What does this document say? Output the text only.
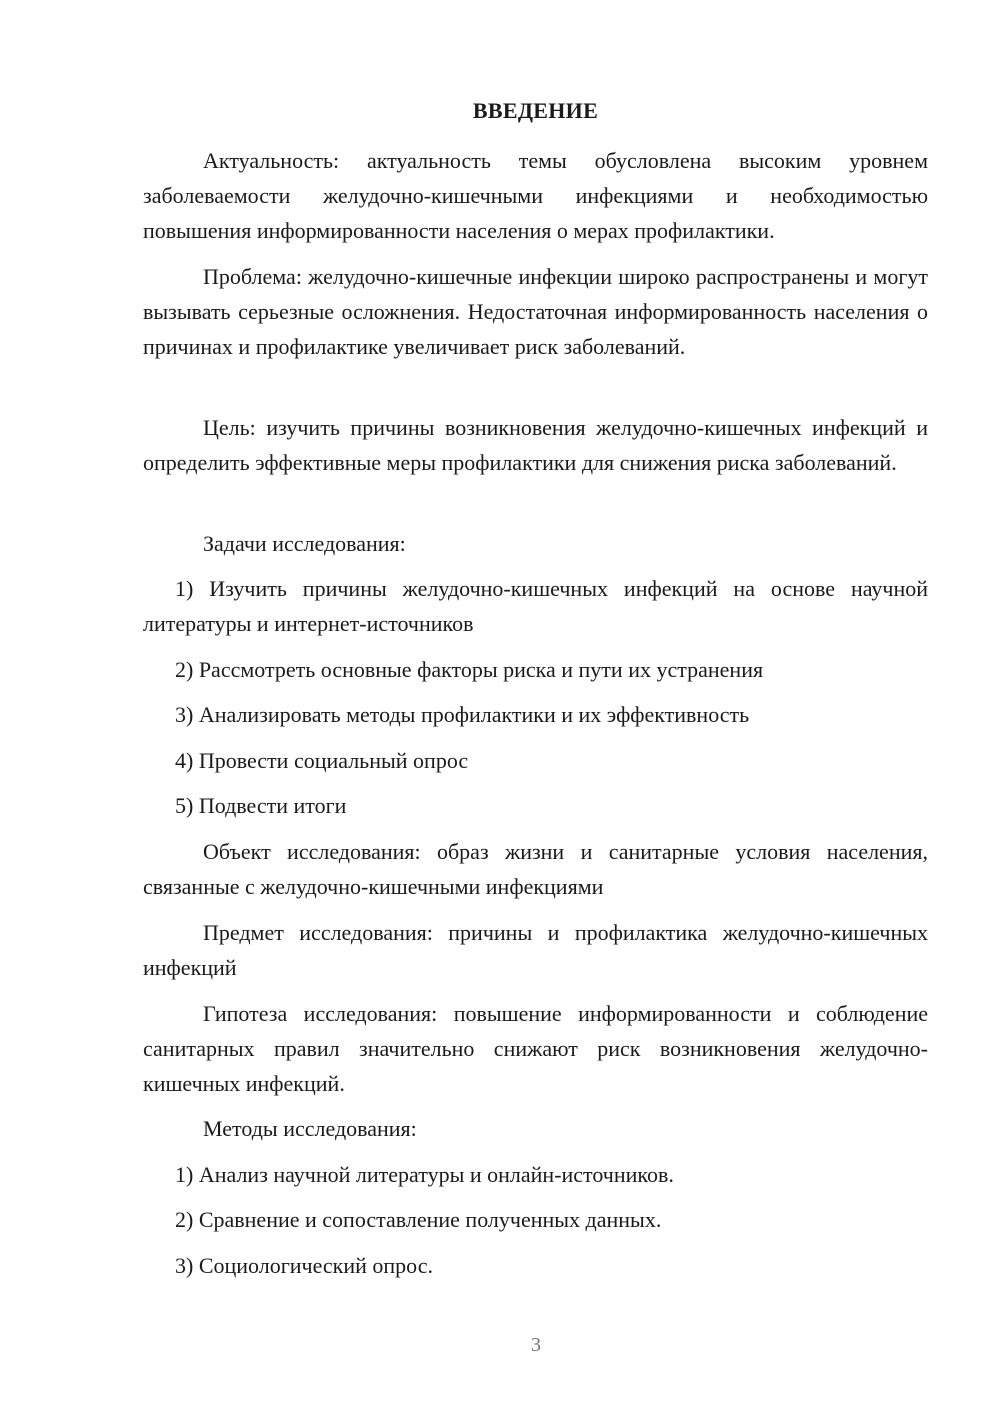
ВВЕДЕНИЕ
Актуальность: актуальность темы обусловлена высоким уровнем заболеваемости желудочно-кишечными инфекциями и необходимостью повышения информированности населения о мерах профилактики.
Проблема: желудочно-кишечные инфекции широко распространены и могут вызывать серьезные осложнения. Недостаточная информированность населения о причинах и профилактике увеличивает риск заболеваний.
Цель: изучить причины возникновения желудочно-кишечных инфекций и определить эффективные меры профилактики для снижения риска заболеваний.
Задачи исследования:
1) Изучить причины желудочно-кишечных инфекций на основе научной литературы и интернет-источников
2) Рассмотреть основные факторы риска и пути их устранения
3) Анализировать методы профилактики и их эффективность
4) Провести социальный опрос
5) Подвести итоги
Объект исследования: образ жизни и санитарные условия населения, связанные с желудочно-кишечными инфекциями
Предмет исследования: причины и профилактика желудочно-кишечных инфекций
Гипотеза исследования: повышение информированности и соблюдение санитарных правил значительно снижают риск возникновения желудочно-кишечных инфекций.
Методы исследования:
1) Анализ научной литературы и онлайн-источников.
2) Сравнение и сопоставление полученных данных.
3) Социологический опрос.
3
